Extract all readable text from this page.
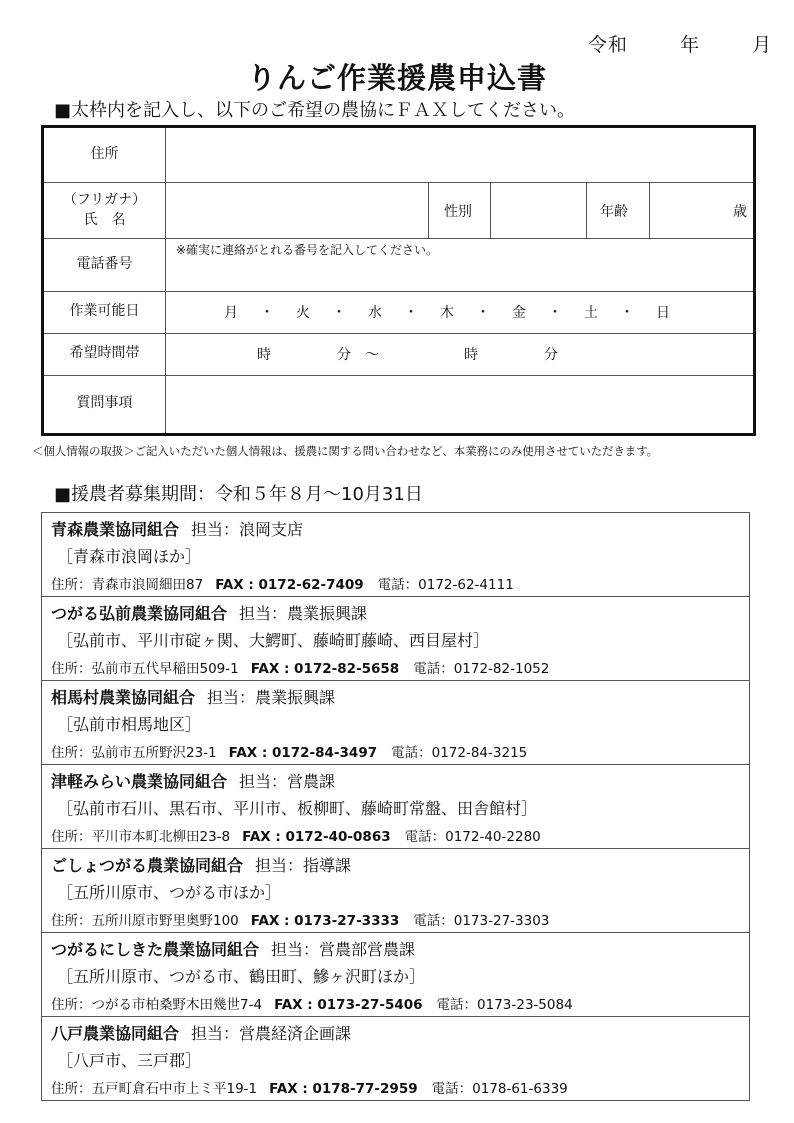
令和	年	月
りんご作業援農申込書
■太枠内を記入し、以下のご希望の農協にＦＡＸしてください。
住所
（フリガナ）
氏　名	性別	年齢	歳
電話番号
※確実に連絡がとれる番号を記入してください。
作業可能日	月 ・ 火 ・ 水 ・ 木 ・ 金 ・ 土 ・ 日
希望時間帯	時	分　～	時	分
質問事項
＜個人情報の取扱＞ご記入いただいた個人情報は、援農に関する問い合わせなど、本業務にのみ使用させていただきます。
■援農者募集期間：令和５年８月～10月31日
青森農業協同組合 担当：浪岡支店
［青森市浪岡ほか］
住所：青森市浪岡細田87 FAX : 0172-62-7409 電話：0172-62-4111
つがる弘前農業協同組合 担当：農業振興課
［弘前市、平川市碇ヶ関、大鰐町、藤崎町藤崎、西目屋村］
住所：弘前市五代早稲田509-1 FAX : 0172-82-5658 電話：0172-82-1052
相馬村農業協同組合 担当：農業振興課
［弘前市相馬地区］
住所：弘前市五所野沢23-1 FAX : 0172-84-3497 電話：0172-84-3215
津軽みらい農業協同組合 担当：営農課
［弘前市石川、黒石市、平川市、板柳町、藤崎町常盤、田舎館村］
住所：平川市本町北柳田23-8 FAX : 0172-40-0863 電話：0172-40-2280
ごしょつがる農業協同組合 担当：指導課
［五所川原市、つがる市ほか］
住所：五所川原市野里奥野100 FAX : 0173-27-3333 電話：0173-27-3303
つがるにしきた農業協同組合 担当：営農部営農課
［五所川原市、つがる市、鶴田町、鰺ヶ沢町ほか］
住所：つがる市柏桑野木田幾世7-4 FAX : 0173-27-5406 電話：0173-23-5084
八戸農業協同組合 担当：営農経済企画課
［八戸市、三戸郡］
住所：五戸町倉石中市上ミ平19-1 FAX : 0178-77-2959 電話：0178-61-6339
